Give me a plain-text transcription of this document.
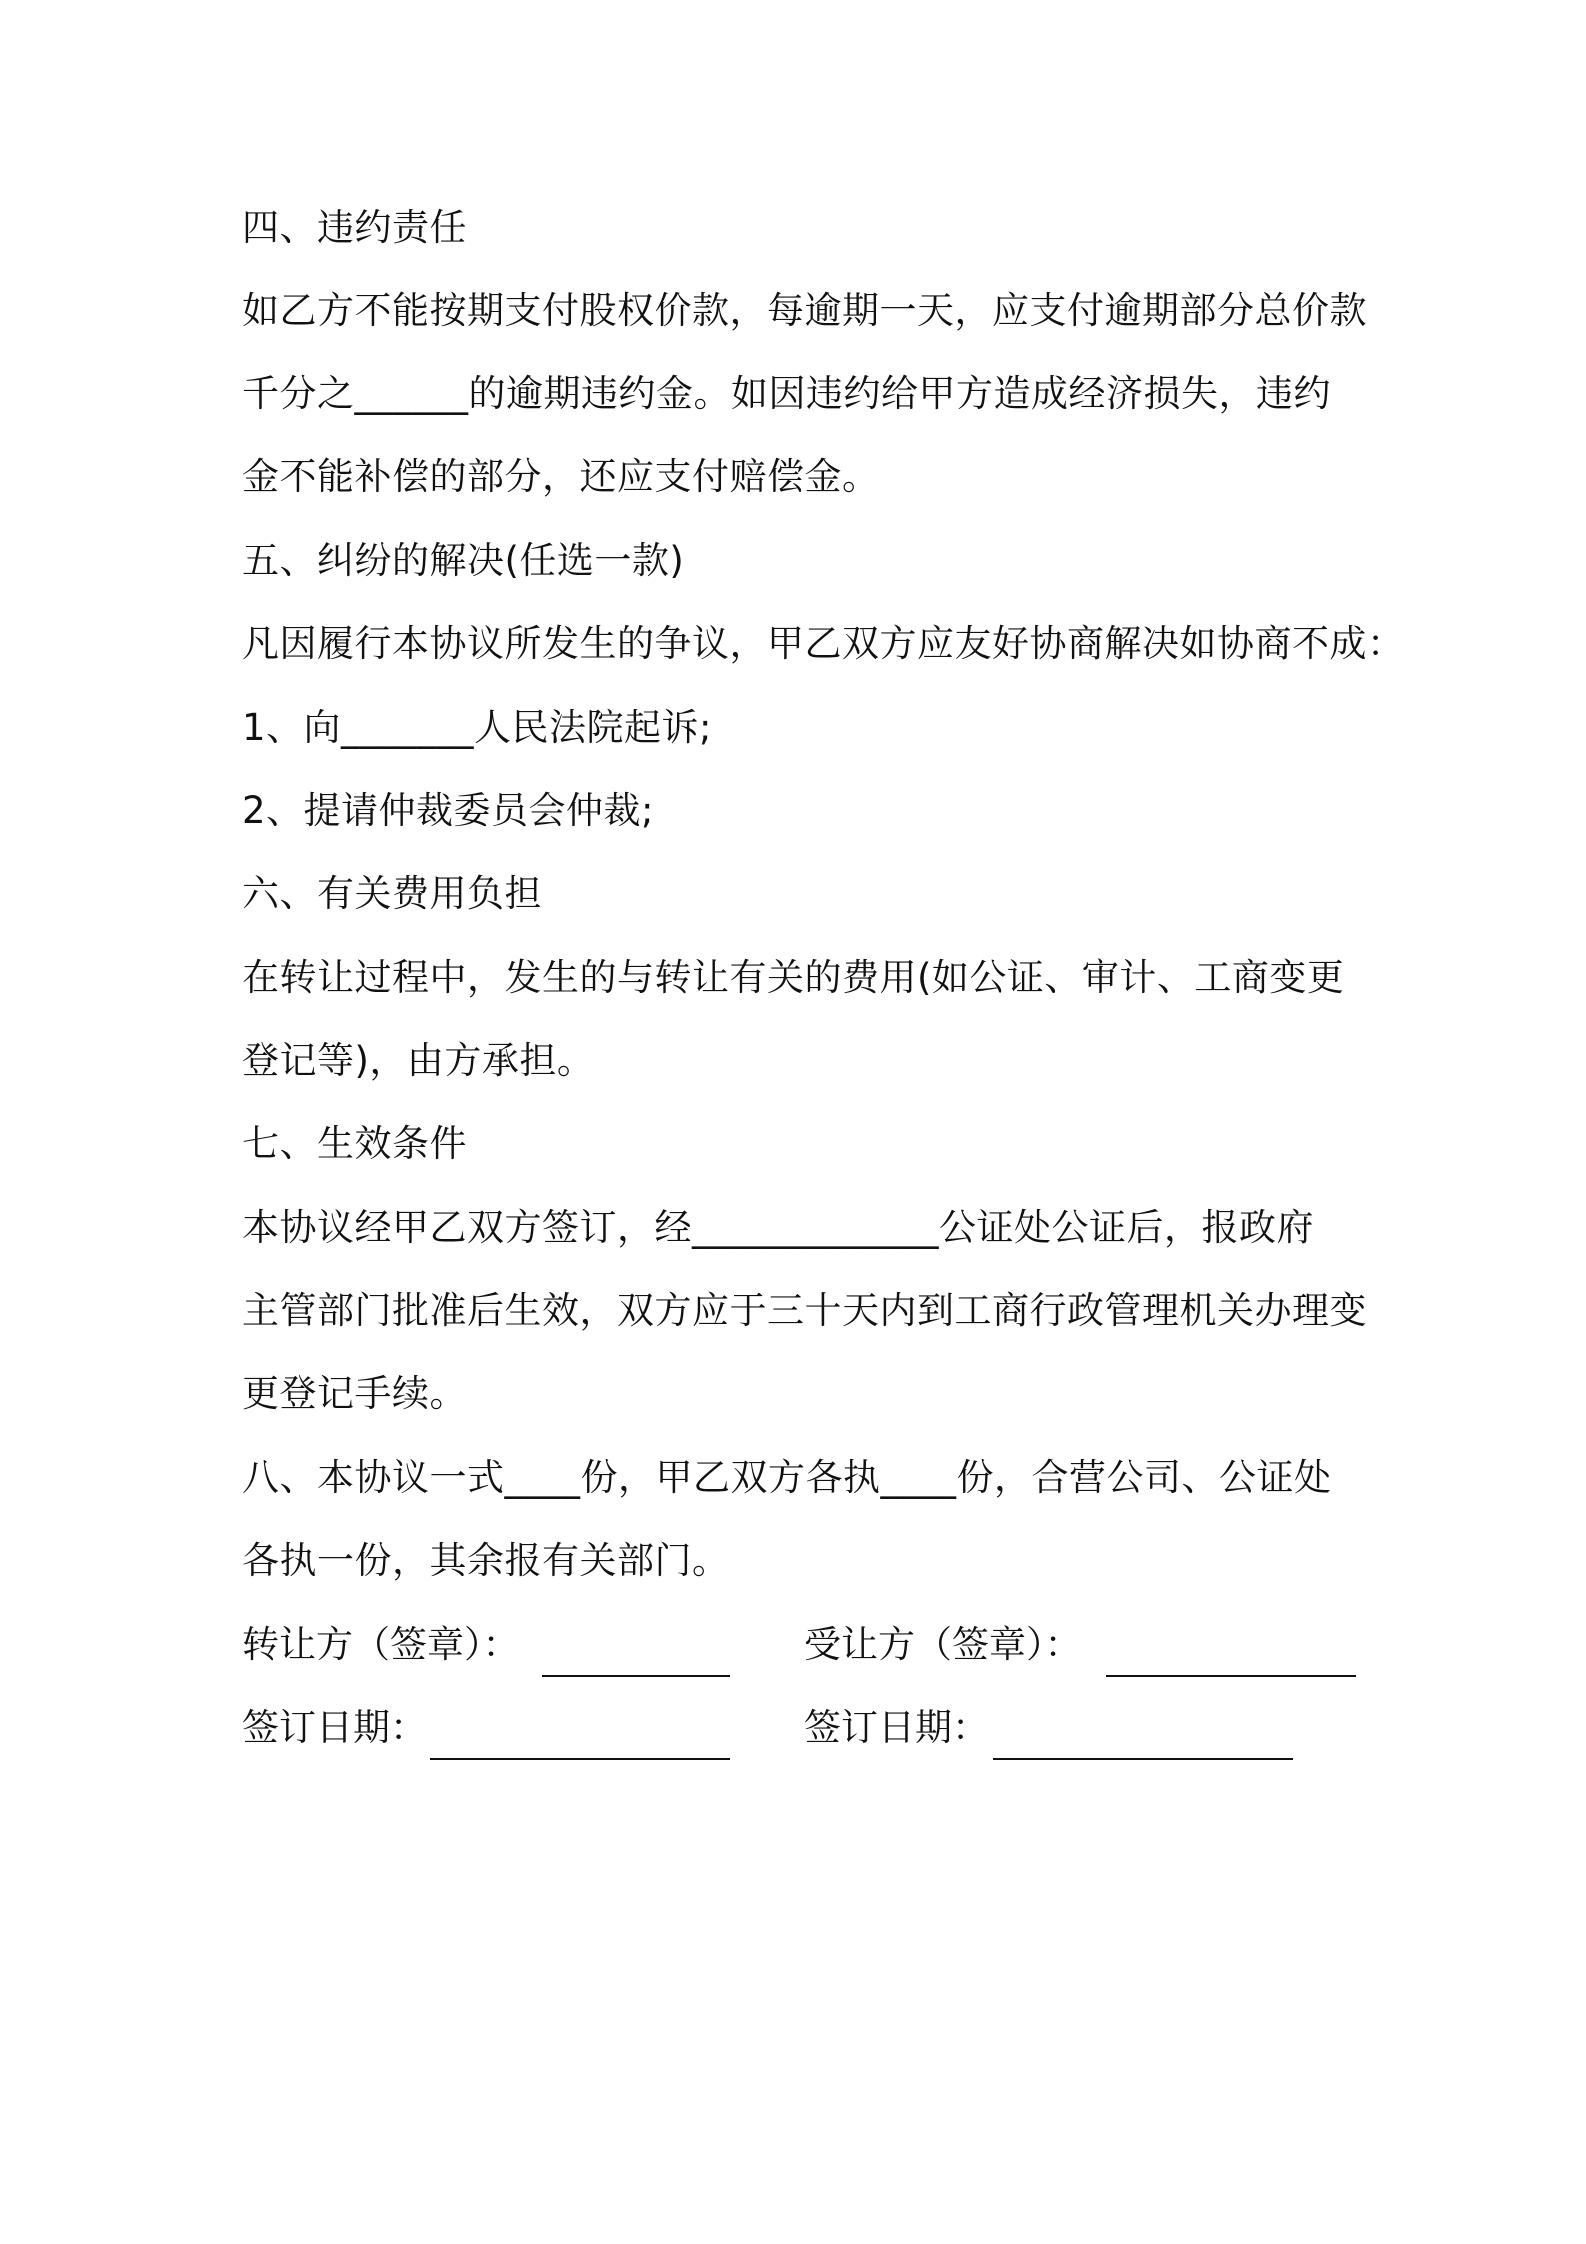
四、违约责任
如乙方不能按期支付股权价款，每逾期一天，应支付逾期部分总价款
千分之______的逾期违约金。如因违约给甲方造成经济损失，违约
金不能补偿的部分，还应支付赔偿金。
五、纠纷的解决(任选一款)
凡因履行本协议所发生的争议，甲乙双方应友好协商解决如协商不成：
1、向_______人民法院起诉;
2、提请仲裁委员会仲裁;
六、有关费用负担
在转让过程中，发生的与转让有关的费用(如公证、审计、工商变更
登记等)，由方承担。
七、生效条件
本协议经甲乙双方签订，经_____________公证处公证后，报政府
主管部门批准后生效，双方应于三十天内到工商行政管理机关办理变
更登记手续。
八、本协议一式____份，甲乙双方各执____份，合营公司、公证处
各执一份，其余报有关部门。
转让方（签章）：	受让方（签章）：
签订日期：	签订日期：
